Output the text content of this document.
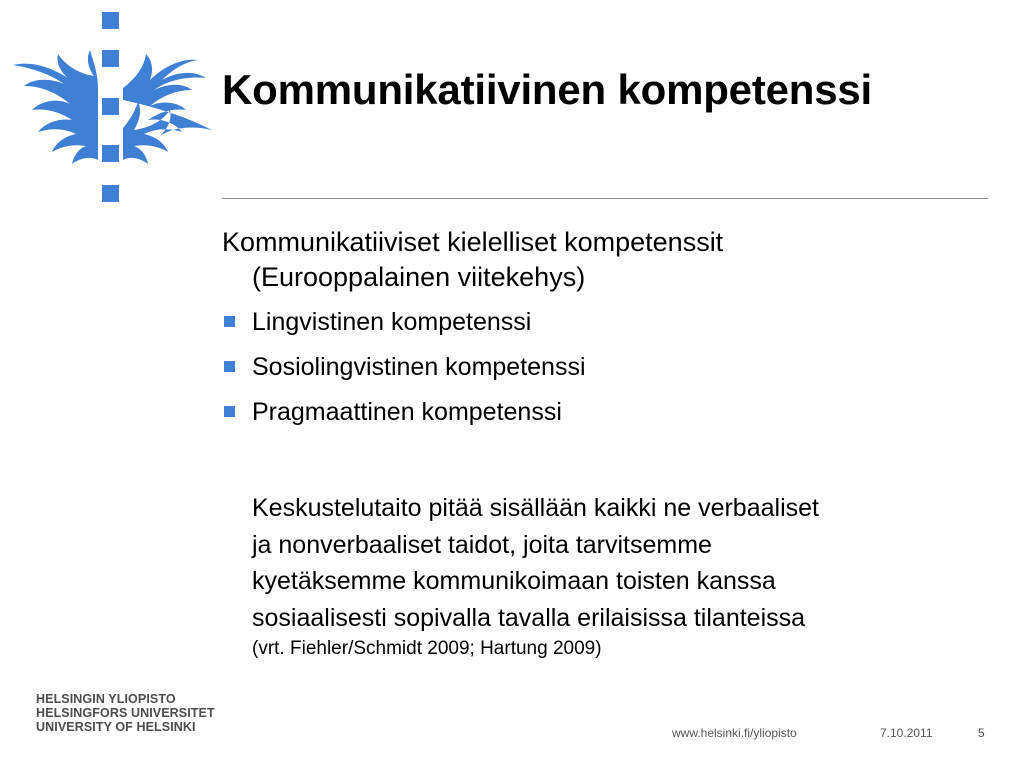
Kommunikatiivinen kompetenssi
Kommunikatiiviset kielelliset kompetenssit
(Eurooppalainen viitekehys)
Lingvistinen kompetenssi
Sosiolingvistinen kompetenssi
Pragmaattinen kompetenssi
Keskustelutaito pitää sisällään kaikki ne verbaaliset
ja nonverbaaliset taidot, joita tarvitsemme
kyetäksemme kommunikoimaan toisten kanssa
sosiaalisesti sopivalla tavalla erilaisissa tilanteissa
(vrt. Fiehler/Schmidt 2009; Hartung 2009)
HELSINGIN YLIOPISTO
HELSINGFORS UNIVERSITET
UNIVERSITY OF HELSINKI	www.helsinki.fi/yliopisto	7.10.2011	5
